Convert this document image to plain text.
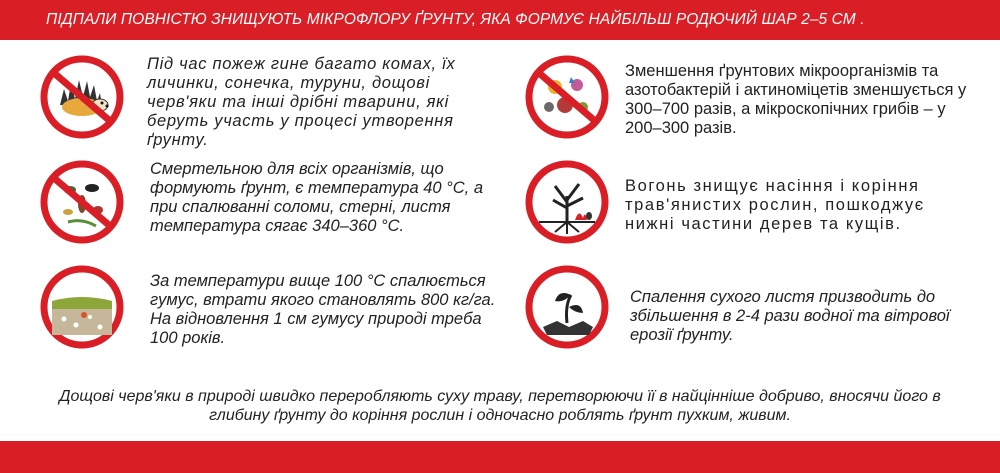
ПІДПАЛИ ПОВНІСТЮ ЗНИЩУЮТЬ МІКРОФЛОРУ ҐРУНТУ, ЯКА ФОРМУЄ НАЙБІЛЬШ РОДЮЧИЙ ШАР 2–5 СМ .
Під час пожеж гине багато комах, їх личинки, сонечка, туруни, дощові черв'яки та інші дрібні тварини, які беруть участь у процесі утворення ґрунту.
Смертельною для всіх організмів, що формують ґрунт, є температура 40 °С, а при спалюванні соломи, стерні, листя температура сягає 340–360 °С.
За температури вище 100 °С спалюється гумус, втрати якого становлять 800 кг/га. На відновлення 1 см гумусу природі треба 100 років.
Зменшення ґрунтових мікроорганізмів та азотобактерій і актиноміцетів зменшується у 300–700 разів, а мікроскопічних грибів – у 200–300 разів.
Вогонь знищує насіння і коріння трав'янистих рослин, пошкоджує нижні частини дерев та кущів.
Спалення сухого листя призводить до збільшення в 2-4 рази водної та вітрової ерозії ґрунту.
Дощові черв'яки в природі швидко переробляють суху траву, перетворюючи її в найцінніше добриво, вносячи його в глибину ґрунту до коріння рослин і одночасно роблять ґрунт пухким, живим.
